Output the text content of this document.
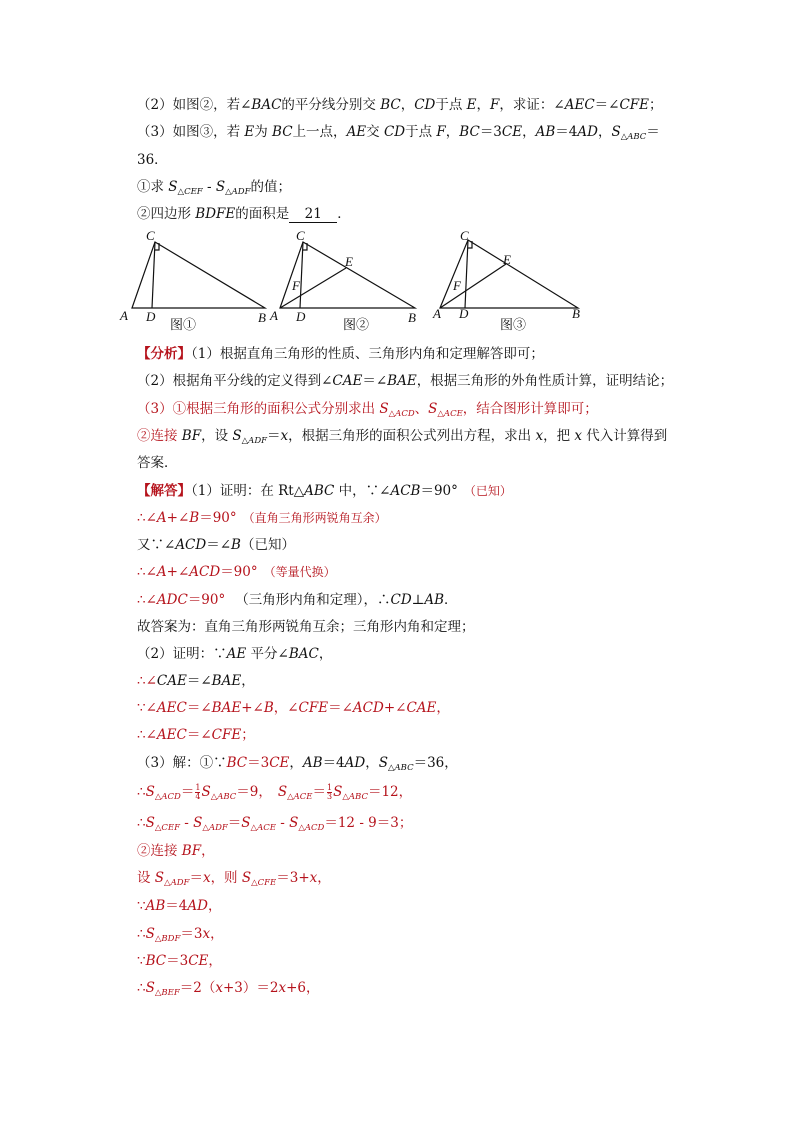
（2）如图②，若∠BAC的平分线分别交 BC，CD于点 E，F，求证：∠AEC＝∠CFE；
（3）如图③，若 E为 BC上一点，AE交 CD于点 F，BC＝3CE，AB＝4AD，$S_{\triangle ABC}=$
36．
①求 $S_{\triangle CEF} - S_{\triangle ADF}$的值；
②四边形 BDFE的面积是 21 ．
C
A D	B
C
E
F
A D	B
C
E
F
A D	B
图①	图②	图③
【分析】（1）根据直角三角形的性质、三角形内角和定理解答即可；
（2）根据角平分线的定义得到∠CAE＝∠BAE，根据三角形的外角性质计算，证明结论；
（3）①根据三角形的面积公式分别求出 $S_{\triangle ACD}$、$S_{\triangle ACE}$，结合图形计算即可；
②连接 BF，设 $S_{\triangle ADF}=x$，根据三角形的面积公式列出方程，求出 x，把 x 代入计算得到
答案．
【解答】（1）证明：在 Rt△ABC 中，∵∠ACB＝90° （已知）
∴∠A+∠B＝90° （直角三角形两锐角互余）
又∵∠ACD＝∠B（已知）
∴∠A+∠ACD＝90° （等量代换）
∴∠ADC＝90° （三角形内角和定理），∴CD⊥AB．
故答案为：直角三角形两锐角互余；三角形内角和定理；
（2）证明：∵AE 平分∠BAC，
∴∠CAE＝∠BAE，
∵∠AEC＝∠BAE+∠B，∠CFE＝∠ACD+∠CAE，
∴∠AEC＝∠CFE；
（3）解：①∵BC＝3CE，AB＝4AD，$S_{\triangle ABC}=36$，
$\therefore S_{\triangle ACD}= \frac{1}{4} S_{\triangle ABC}=9$， $S_{\triangle ACE}= \frac{1}{3} S_{\triangle ABC}=12$，
$\therefore S_{\triangle CEF} - S_{\triangle ADF}=S_{\triangle ACE} - S_{\triangle ACD}=12 - 9=3$；
②连接 BF，
设 $S_{\triangle ADF}=x$，则 $S_{\triangle CFE}=3+x$，
∵AB＝4AD，
$\therefore S_{\triangle BDF}=3x$，
∵BC＝3CE，
$\therefore S_{\triangle BEF}=2(x+3)=2x+6$，
